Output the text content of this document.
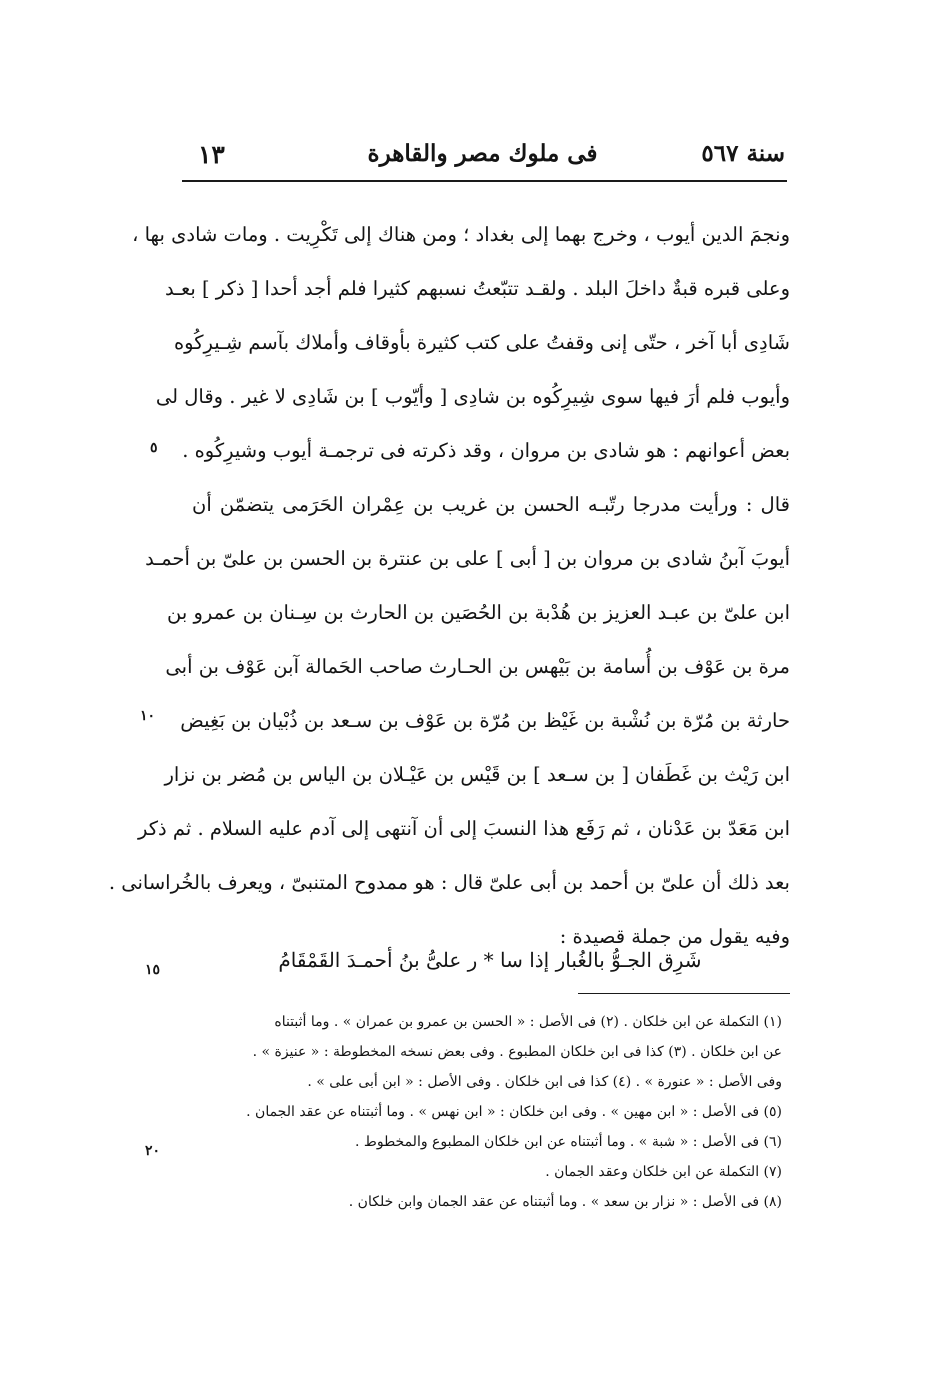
سنة ٥٦٧
فى ملوك مصر والقاهرة
١٣
ونجمَ الدين أيوب ، وخرج بهما إلى بغداد ؛ ومن هناك إلى تَكْرِيت . ومات شادى بها ،
وعلى قبره قبةٌ داخلَ البلد . ولقـد تتبّعتُ نسبهم كثيرا فلم أجد أحدا [ ذكر ] بعـد
شَادِى أبا آخر ، حتّى إنى وقفتُ على كتب كثيرة بأوقاف وأملاك بآسم شِـيرِكُوه
وأيوب فلم أرَ فيها سوى شِيرِكُوه بن شادِى [ وأيّوب ] بن شَادِى لا غير . وقال لى
بعض أعوانهم : هو شادى بن مروان ، وقد ذكرته فى ترجمـة أيوب وشيرِكُوه .
قال : ورأيت مدرجا رتّبـه الحسن بن غريب بن عِمْران الحَرَمى يتضمّن أن
أيوبَ آبنُ شادى بن مروان بن [ أبى ] على بن عنترة بن الحسن بن علىّ بن أحمـد
ابن علىّ بن عبـد العزيز بن هُدْبة بن الحُصَين بن الحارث بن سِـنان بن عمرو بن
مرة بن عَوْف بن أُسامة بن بَيْهس بن الحـارث صاحب الحَمالة آبن عَوْف بن أبى
حارثة بن مُرّة بن نُشْبة بن غَيْظ بن مُرّة بن عَوْف بن سـعد بن ذُبْيان بن بَغِيض
ابن رَيْث بن غَطَفان [ بن سـعد ] بن قَيْس بن عَيْـلان بن الياس بن مُضر بن نزار
ابن مَعَدّ بن عَدْنان ، ثم رَفَع هذا النسبَ إلى أن آنتهى إلى آدم عليه السلام . ثم ذكر
بعد ذلك أن علىّ بن أحمد بن أبى علىّ قال : هو ممدوح المتنبىّ ، ويعرف بالخُراسانى .
وفيه يقول من جملة قصيدة :
شَرِق الجـوُّ بالغُبار إذا سا * ر علىُّ بنُ أحمـدَ القَمْقَامُ
٥
١٠
١٥
٢٠
(١) التكملة عن ابن خلكان . (٢) فى الأصل : « الحسن بن عمرو بن عمران » . وما أثبتناه
عن ابن خلكان . (٣) كذا فى ابن خلكان المطبوع . وفى بعض نسخه المخطوطة : « عنيزة » .
وفى الأصل : « عنورة » . (٤) كذا فى ابن خلكان . وفى الأصل : « ابن أبى على » .
(٥) فى الأصل : « ابن مهين » . وفى ابن خلكان : « ابن نهس » . وما أثبتناه عن عقد الجمان .
(٦) فى الأصل : « شبة » . وما أثبتناه عن ابن خلكان المطبوع والمخطوط .
(٧) التكملة عن ابن خلكان وعقد الجمان .
(٨) فى الأصل : « نزار بن سعد » . وما أثبتناه عن عقد الجمان وابن خلكان .
